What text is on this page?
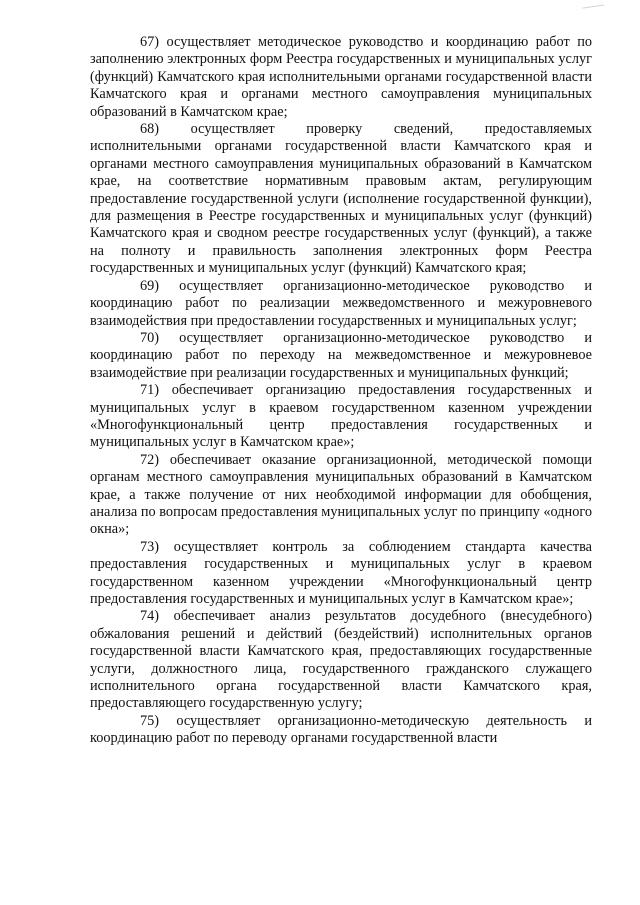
67) осуществляет методическое руководство и координацию работ по заполнению электронных форм Реестра государственных и муниципальных услуг (функций) Камчатского края исполнительными органами государственной власти Камчатского края и органами местного самоуправления муниципальных образований в Камчатском крае;

68) осуществляет проверку сведений, предоставляемых исполнительными органами государственной власти Камчатского края и органами местного самоуправления муниципальных образований в Камчатском крае, на соответствие нормативным правовым актам, регулирующим предоставление государственной услуги (исполнение государственной функции), для размещения в Реестре государственных и муниципальных услуг (функций) Камчатского края и сводном реестре государственных услуг (функций), а также на полноту и правильность заполнения электронных форм Реестра государственных и муниципальных услуг (функций) Камчатского края;

69) осуществляет организационно-методическое руководство и координацию работ по реализации межведомственного и межуровневого взаимодействия при предоставлении государственных и муниципальных услуг;

70) осуществляет организационно-методическое руководство и координацию работ по переходу на межведомственное и межуровневое взаимодействие при реализации государственных и муниципальных функций;

71) обеспечивает организацию предоставления государственных и муниципальных услуг в краевом государственном казенном учреждении «Многофункциональный центр предоставления государственных и муниципальных услуг в Камчатском крае»;

72) обеспечивает оказание организационной, методической помощи органам местного самоуправления муниципальных образований в Камчатском крае, а также получение от них необходимой информации для обобщения, анализа по вопросам предоставления муниципальных услуг по принципу «одного окна»;

73) осуществляет контроль за соблюдением стандарта качества предоставления государственных и муниципальных услуг в краевом государственном казенном учреждении «Многофункциональный центр предоставления государственных и муниципальных услуг в Камчатском крае»;

74) обеспечивает анализ результатов досудебного (внесудебного) обжалования решений и действий (бездействий) исполнительных органов государственной власти Камчатского края, предоставляющих государственные услуги, должностного лица, государственного гражданского служащего исполнительного органа государственной власти Камчатского края, предоставляющего государственную услугу;

75) осуществляет организационно-методическую деятельность и координацию работ по переводу органами государственной власти
